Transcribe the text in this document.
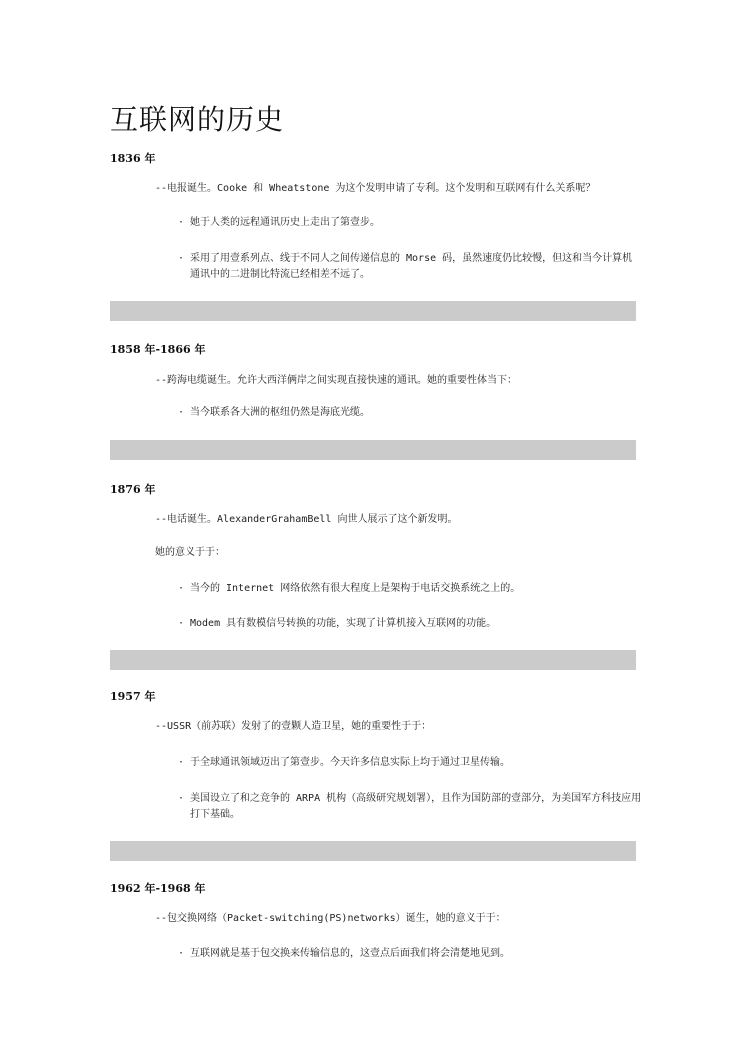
互联网的历史
1836 年
--电报诞生。Cooke 和 Wheatstone 为这个发明申请了专利。这个发明和互联网有什么关系呢？
· 她于人类的远程通讯历史上走出了第壹步。
· 采用了用壹系列点、线于不同人之间传递信息的 Morse 码，虽然速度仍比较慢，但这和当今计算机通讯中的二进制比特流已经相差不远了。
1858 年-1866 年
--跨海电缆诞生。允许大西洋俩岸之间实现直接快速的通讯。她的重要性体当下：
· 当今联系各大洲的枢纽仍然是海底光缆。
1876 年
--电话诞生。AlexanderGrahamBell 向世人展示了这个新发明。
她的意义于于：
· 当今的 Internet 网络依然有很大程度上是架构于电话交换系统之上的。
· Modem 具有数模信号转换的功能，实现了计算机接入互联网的功能。
1957 年
--USSR（前苏联）发射了的壹颗人造卫星，她的重要性于于：
· 于全球通讯领域迈出了第壹步。今天许多信息实际上均于通过卫星传输。
· 美国设立了和之竞争的 ARPA 机构（高级研究规划署），且作为国防部的壹部分，为美国军方科技应用打下基础。
1962 年-1968 年
--包交换网络（Packet-switching(PS)networks）诞生，她的意义于于：
· 互联网就是基于包交换来传输信息的，这壹点后面我们将会清楚地见到。
